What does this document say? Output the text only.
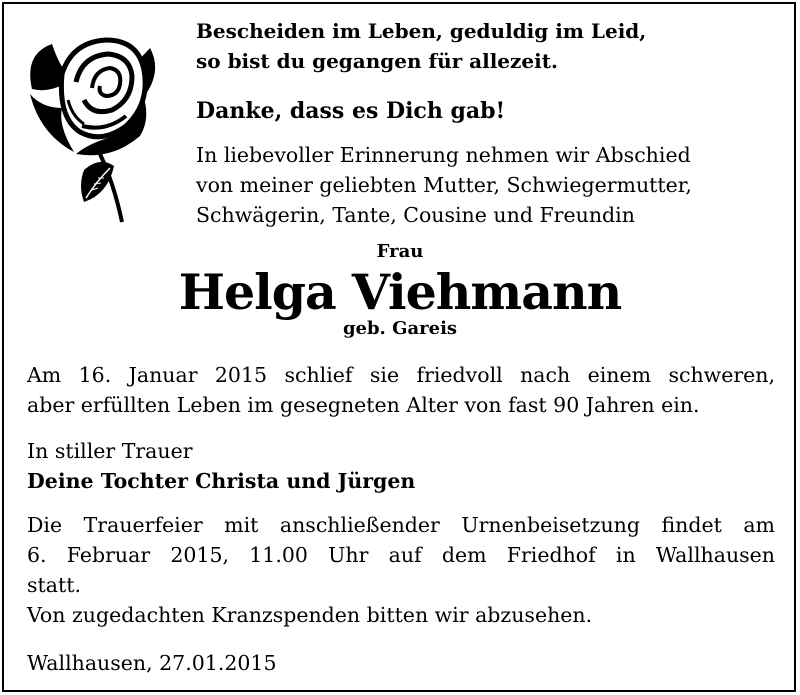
Bescheiden im Leben, geduldig im Leid,
so bist du gegangen für allezeit.
Danke, dass es Dich gab!
In liebevoller Erinnerung nehmen wir Abschied
von meiner geliebten Mutter, Schwiegermutter,
Schwägerin, Tante, Cousine und Freundin
Frau
Helga Viehmann
geb. Gareis
Am 16. Januar 2015 schlief sie friedvoll nach einem schweren,
aber erfüllten Leben im gesegneten Alter von fast 90 Jahren ein.
In stiller Trauer
Deine Tochter Christa und Jürgen
Die Trauerfeier mit anschließender Urnenbeisetzung findet am
6. Februar 2015, 11.00 Uhr auf dem Friedhof in Wallhausen
statt.
Von zugedachten Kranzspenden bitten wir abzusehen.
Wallhausen, 27.01.2015
